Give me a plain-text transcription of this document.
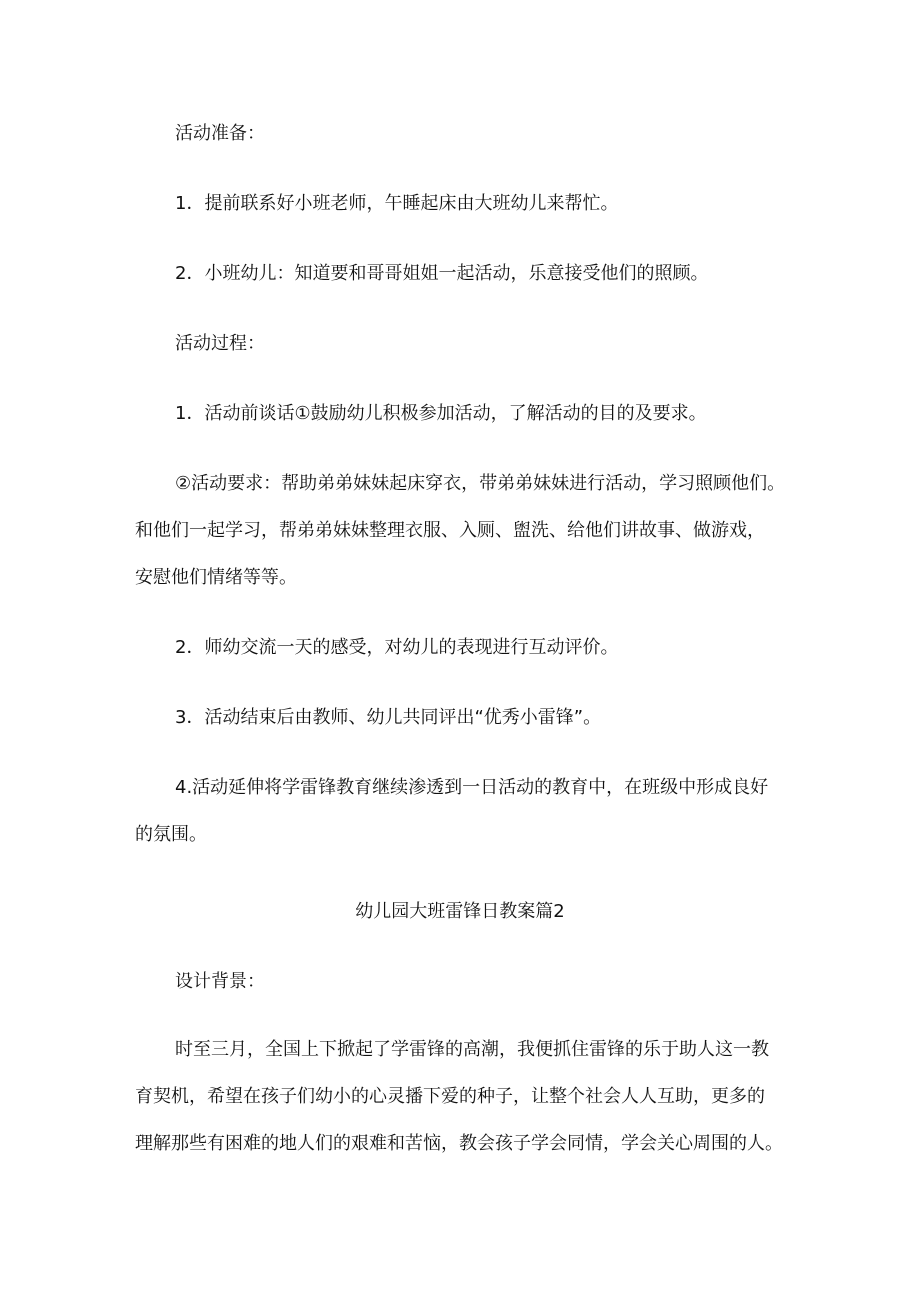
活动准备：
1．提前联系好小班老师，午睡起床由大班幼儿来帮忙。
2．小班幼儿：知道要和哥哥姐姐一起活动，乐意接受他们的照顾。
活动过程：
1．活动前谈话①鼓励幼儿积极参加活动，了解活动的目的及要求。
②活动要求：帮助弟弟妹妹起床穿衣，带弟弟妹妹进行活动，学习照顾他们。
和他们一起学习，帮弟弟妹妹整理衣服、入厕、盥洗、给他们讲故事、做游戏，
安慰他们情绪等等。
2．师幼交流一天的感受，对幼儿的表现进行互动评价。
3．活动结束后由教师、幼儿共同评出“优秀小雷锋”。
4.活动延伸将学雷锋教育继续渗透到一日活动的教育中，在班级中形成良好
的氛围。
幼儿园大班雷锋日教案篇2
设计背景：
时至三月，全国上下掀起了学雷锋的高潮，我便抓住雷锋的乐于助人这一教
育契机，希望在孩子们幼小的心灵播下爱的种子，让整个社会人人互助，更多的
理解那些有困难的地人们的艰难和苦恼，教会孩子学会同情，学会关心周围的人。
